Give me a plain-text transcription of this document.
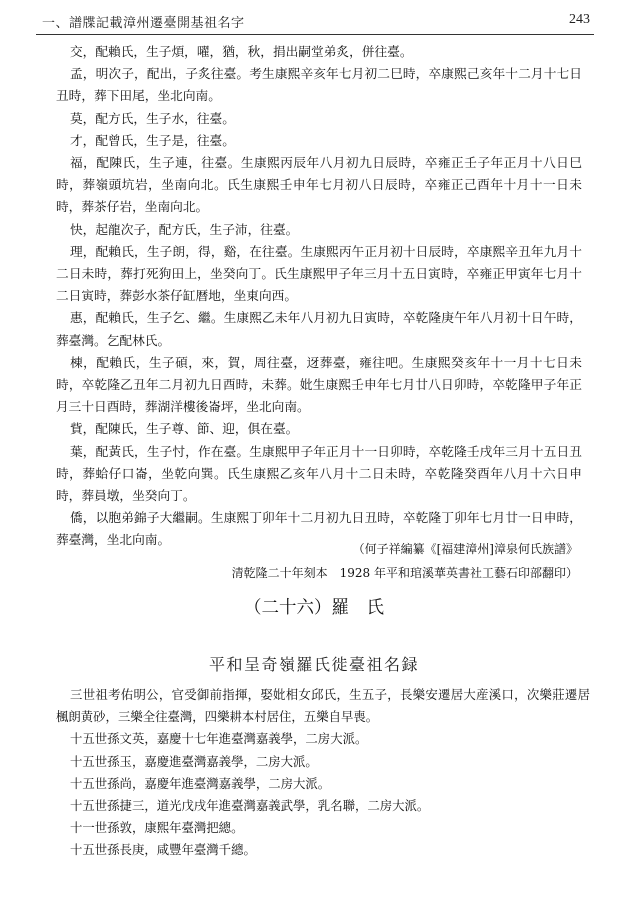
一、譜牒記載漳州遷臺開基祖名字	243

交，配賴氏，生子煩，嚁，猶，秋，捐出嗣堂弟炙，併往臺。

孟，明次子，配出，子炙往臺。考生康熙辛亥年七月初二巳時，卒康熙己亥年十二月十七日丑時，葬下田尾，坐北向南。

莫，配方氏，生子水，往臺。

才，配曾氏，生子是，往臺。

福，配陳氏，生子連，往臺。生康熙丙辰年八月初九日辰時，卒雍正壬子年正月十八日巳時，葬嶺頭坑岩，坐南向北。氏生康熙壬申年七月初八日辰時，卒雍正己酉年十月十一日未時，葬茶仔岩，坐南向北。

快，起龍次子，配方氏，生子沛，往臺。

理，配賴氏，生子朗，得，谿，在往臺。生康熙丙午正月初十日辰時，卒康熙辛丑年九月十二日未時，葬打死狗田上，坐癸向丁。氏生康熙甲子年三月十五日寅時，卒雍正甲寅年七月十二日寅時，葬彭水茶仔缸暦地，坐東向西。

惠，配賴氏，生子乞、繼。生康熙乙未年八月初九日寅時，卒乾隆庚午年八月初十日午時，葬臺灣。乞配林氏。

棟，配賴氏，生子碩，來，賀，周往臺，迓葬臺，雍往吧。生康熙癸亥年十一月十七日未時，卒乾隆乙丑年二月初九日酉時，未葬。妣生康熙壬申年七月廿八日卯時，卒乾隆甲子年正月三十日酉時，葬湖洋樓後崙坪，坐北向南。

貲，配陳氏，生子尊、節、迎，俱在臺。

葉，配黃氏，生子忖，作在臺。生康熙甲子年正月十一日卯時，卒乾隆壬戌年三月十五日丑時，葬蛤仔口崙，坐乾向巽。氏生康熙乙亥年八月十二日未時，卒乾隆癸酉年八月十六日申時，葬員墩，坐癸向丁。

僑，以胞弟錦子大繼嗣。生康熙丁卯年十二月初九日丑時，卒乾隆丁卯年七月廿一日申時，葬臺灣，坐北向南。

（何子祥編纂《[福建漳州]漳泉何氏族譜》
清乾隆二十年刻本　1928 年平和琯溪華英書社工藝石印部翻印）
（二十六）羅　氏
平和呈奇嶺羅氏徙臺祖名録

三世祖考佑明公，官受御前指揮，娶妣相女邱氏，生五子，長樂安遷居大産溪口，次樂莊遷居楓朗黄砂，三樂全往臺灣，四樂耕本村居住，五樂自早喪。

十五世孫文英，嘉慶十七年進臺灣嘉義學，二房大派。

十五世孫玉，嘉慶進臺灣嘉義學，二房大派。

十五世孫尚，嘉慶年進臺灣嘉義學，二房大派。

十五世孫捷三，道光戊戌年進臺灣嘉義武學，乳名聯，二房大派。

十一世孫敦，康熙年臺灣把總。

十五世孫長庚，咸豐年臺灣千總。
